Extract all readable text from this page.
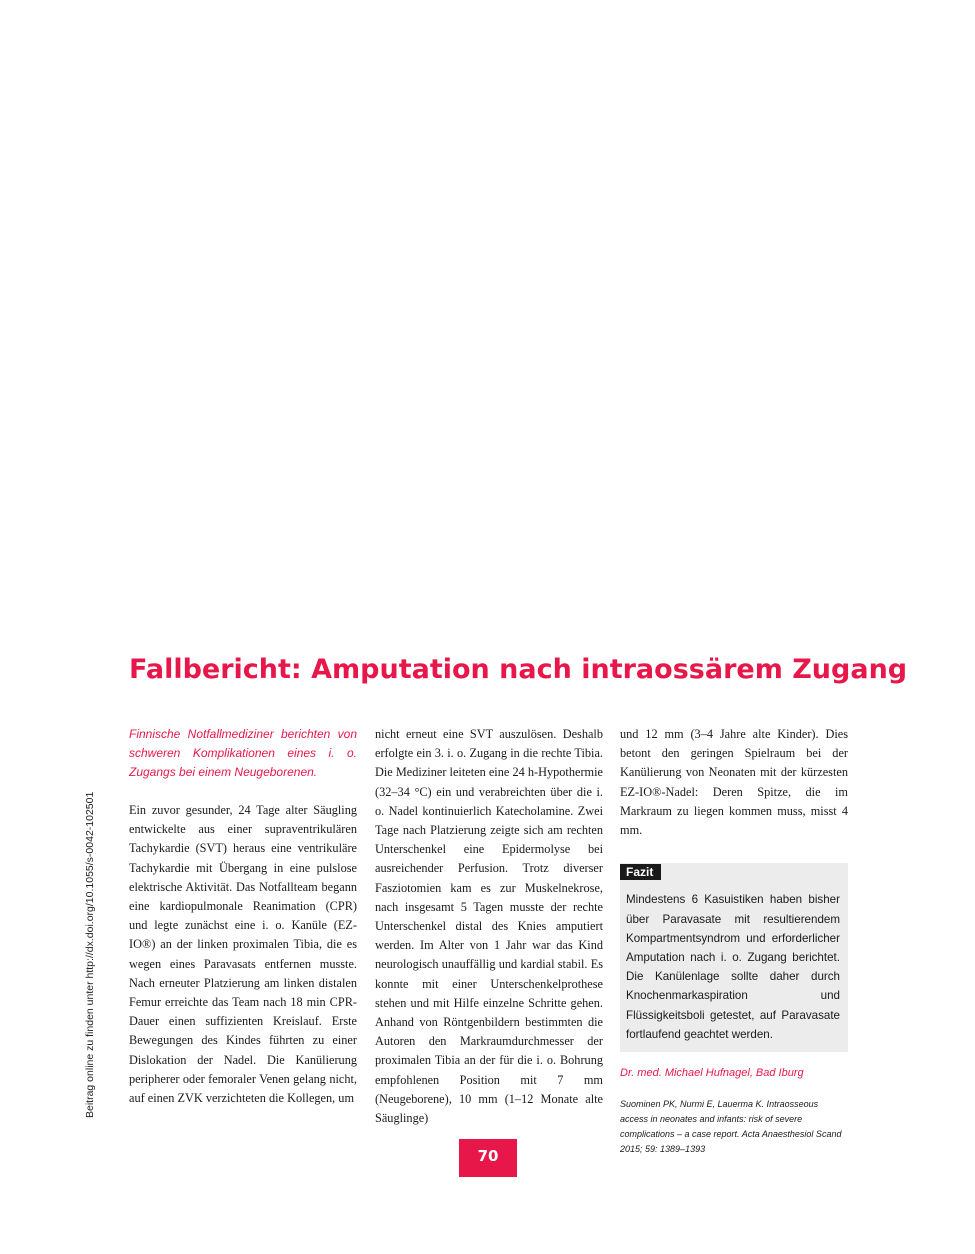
Beitrag online zu finden unter http://dx.doi.org/10.1055/s-0042-102501
Fallbericht: Amputation nach intraossärem Zugang

Finnische Notfallmediziner berichten von schweren Komplikationen eines i. o. Zugangs bei einem Neugeborenen.

Ein zuvor gesunder, 24 Tage alter Säugling entwickelte aus einer supraventrikulären Tachykardie (SVT) heraus eine ventrikuläre Tachykardie mit Übergang in eine pulslose elektrische Aktivität. Das Notfallteam begann eine kardiopulmonale Reanimation (CPR) und legte zunächst eine i. o. Kanüle (EZ-IO®) an der linken proximalen Tibia, die es wegen eines Paravasats entfernen musste. Nach erneuter Platzierung am linken distalen Femur erreichte das Team nach 18 min CPR-Dauer einen suffizienten Kreislauf. Erste Bewegungen des Kindes führten zu einer Dislokation der Nadel. Die Kanülierung peripherer oder femoraler Venen gelang nicht, auf einen ZVK verzichteten die Kollegen, um

nicht erneut eine SVT auszulösen. Deshalb erfolgte ein 3. i. o. Zugang in die rechte Tibia. Die Mediziner leiteten eine 24 h-Hypothermie (32–34 °C) ein und verabreichten über die i. o. Nadel kontinuierlich Katecholamine. Zwei Tage nach Platzierung zeigte sich am rechten Unterschenkel eine Epidermolyse bei ausreichender Perfusion. Trotz diverser Fasziotomien kam es zur Muskelnekrose, nach insgesamt 5 Tagen musste der rechte Unterschenkel distal des Knies amputiert werden. Im Alter von 1 Jahr war das Kind neurologisch unauffällig und kardial stabil. Es konnte mit einer Unterschenkelprothese stehen und mit Hilfe einzelne Schritte gehen. Anhand von Röntgenbildern bestimmten die Autoren den Markraumdurchmesser der proximalen Tibia an der für die i. o. Bohrung empfohlenen Position mit 7 mm (Neugeborene), 10 mm (1–12 Monate alte Säuglinge)

und 12 mm (3–4 Jahre alte Kinder). Dies betont den geringen Spielraum bei der Kanülierung von Neonaten mit der kürzesten EZ-IO®-Nadel: Deren Spitze, die im Markraum zu liegen kommen muss, misst 4 mm.

Fazit

Mindestens 6 Kasuistiken haben bisher über Paravasate mit resultierendem Kompartmentsyndrom und erforderlicher Amputation nach i. o. Zugang berichtet. Die Kanülenlage sollte daher durch Knochenmarkaspiration und Flüssigkeitsboli getestet, auf Paravasate fortlaufend geachtet werden.

Dr. med. Michael Hufnagel, Bad Iburg

Suominen PK, Nurmi E, Lauerma K. Intraosseous access in neonates and infants: risk of severe complications – a case report. Acta Anaesthesiol Scand 2015; 59: 1389–1393

70
